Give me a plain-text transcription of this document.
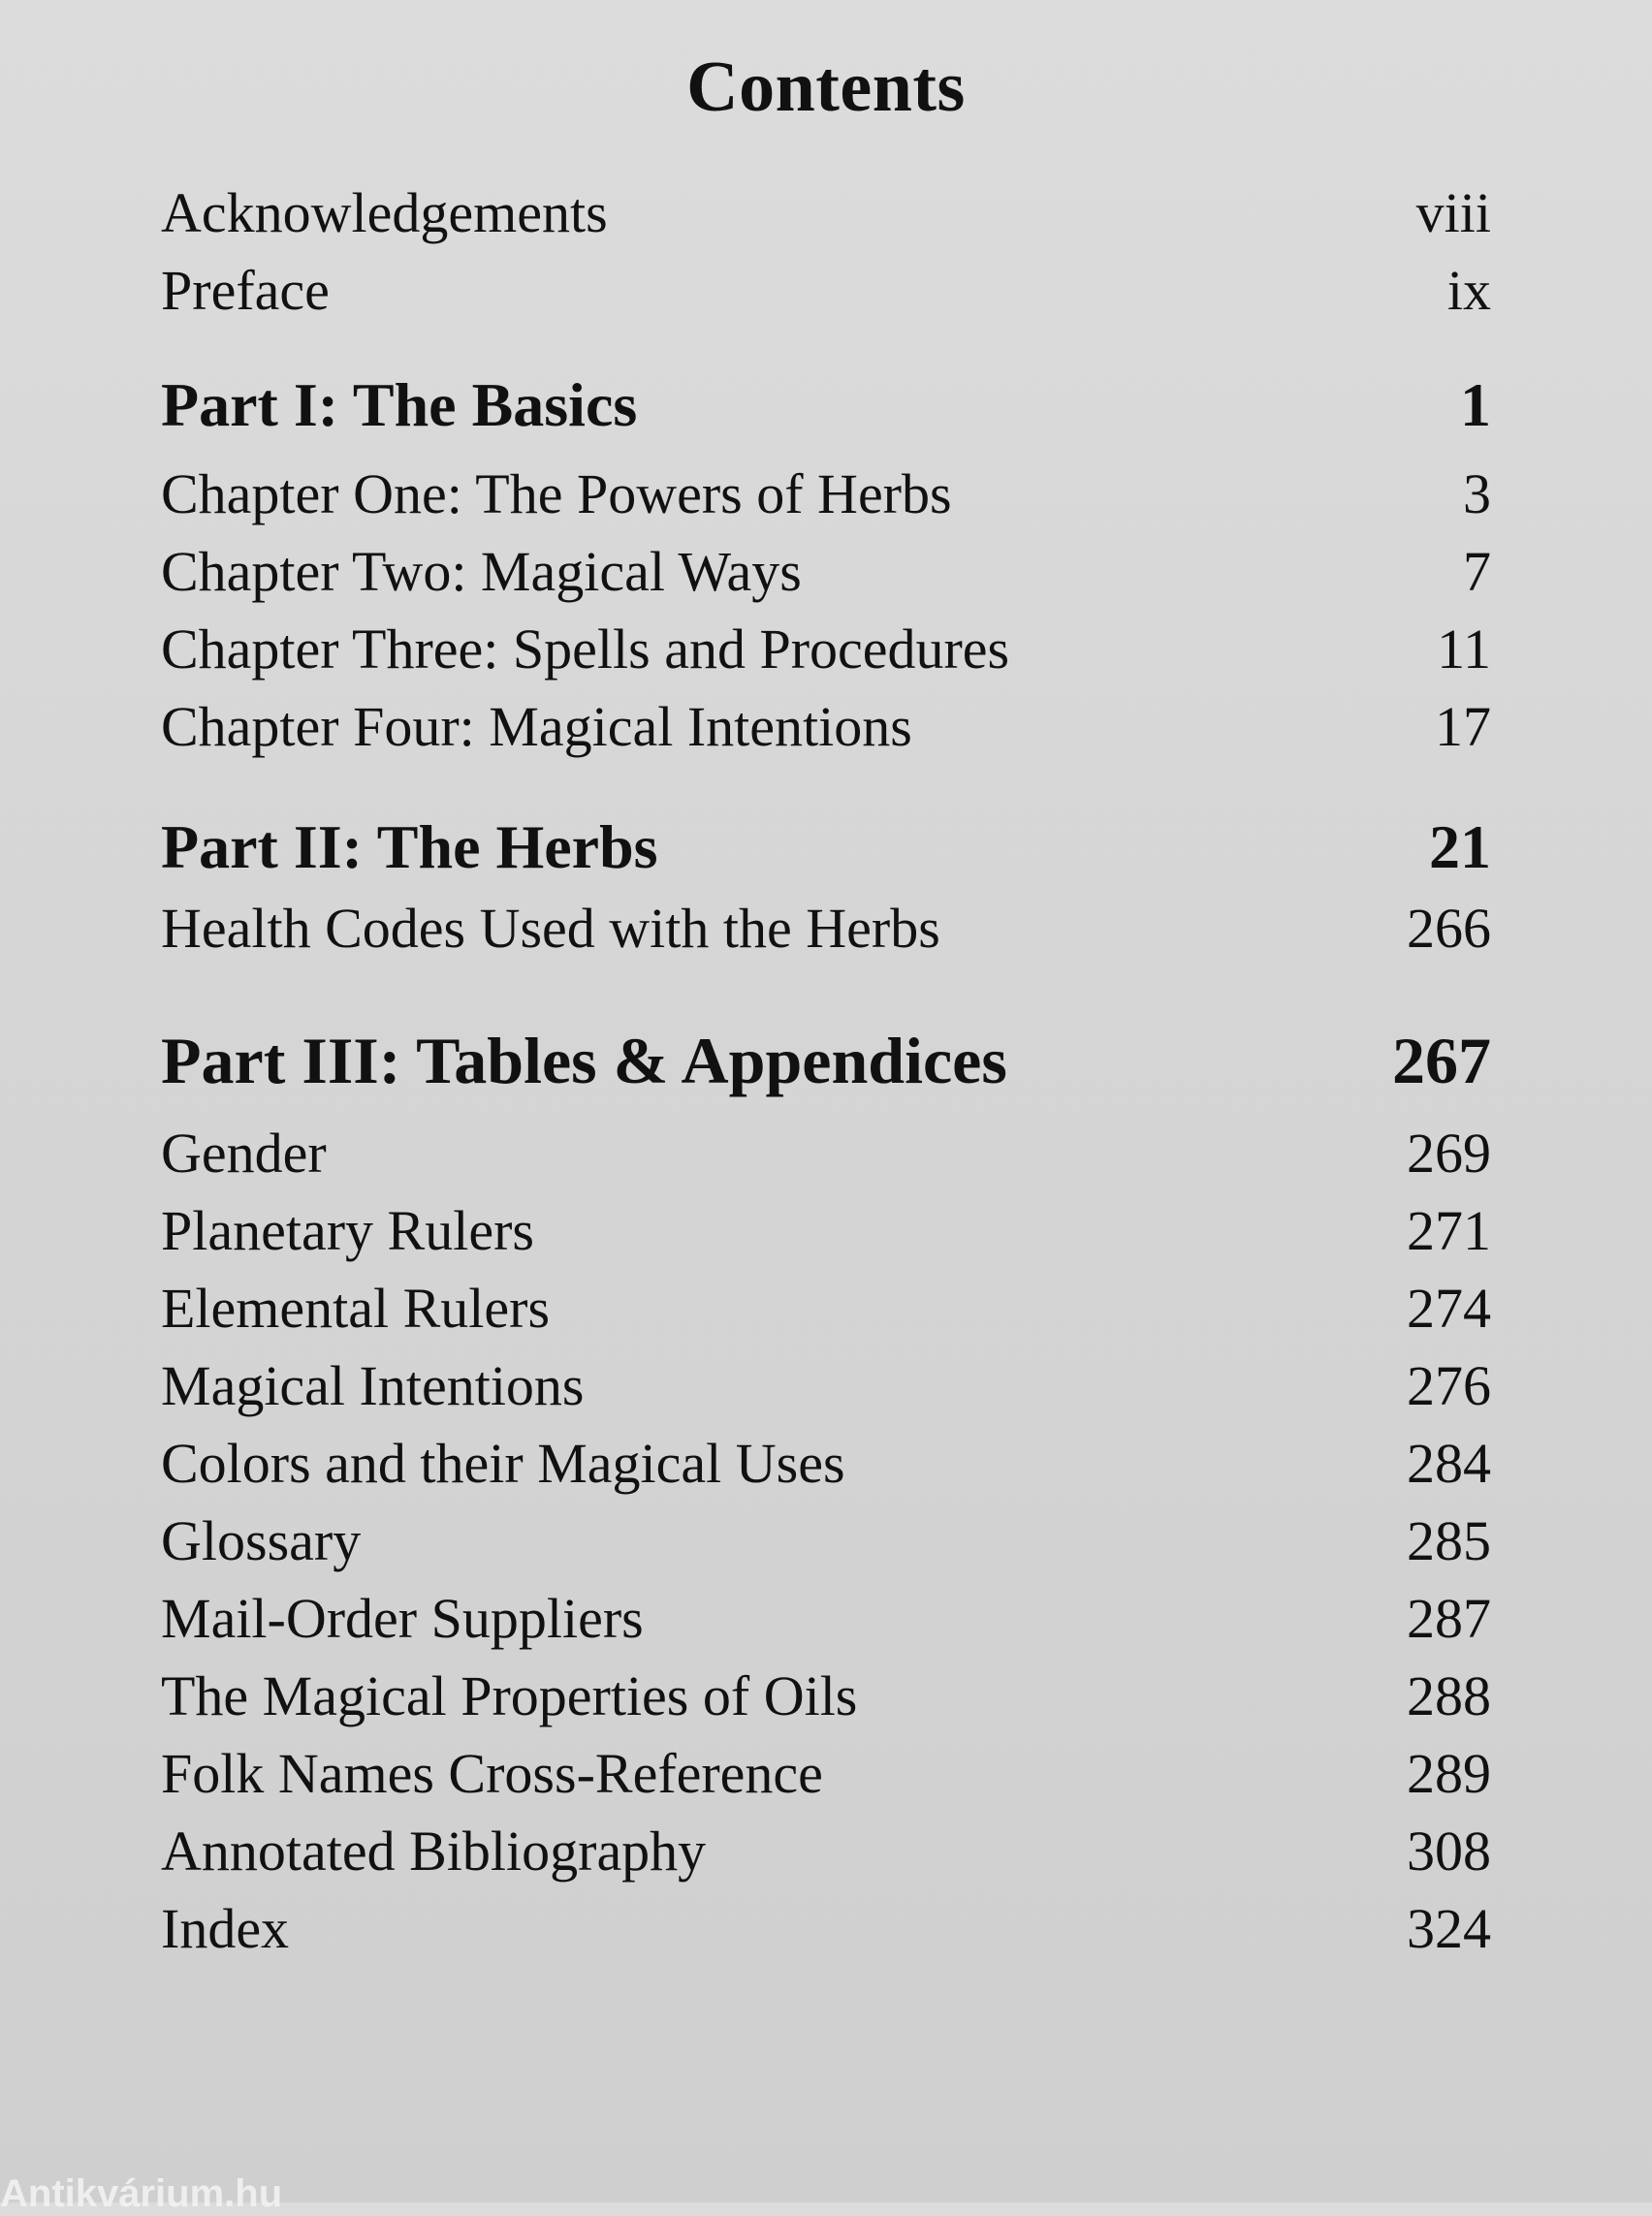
Contents
Acknowledgements	viii
Preface	ix
Part I: The Basics	1
Chapter One: The Powers of Herbs	3
Chapter Two: Magical Ways	7
Chapter Three: Spells and Procedures	11
Chapter Four: Magical Intentions	17
Part II: The Herbs	21
Health Codes Used with the Herbs	266
Part III: Tables & Appendices	267
Gender	269
Planetary Rulers	271
Elemental Rulers	274
Magical Intentions	276
Colors and their Magical Uses	284
Glossary	285
Mail-Order Suppliers	287
The Magical Properties of Oils	288
Folk Names Cross-Reference	289
Annotated Bibliography	308
Index	324
Antikvárium.hu
